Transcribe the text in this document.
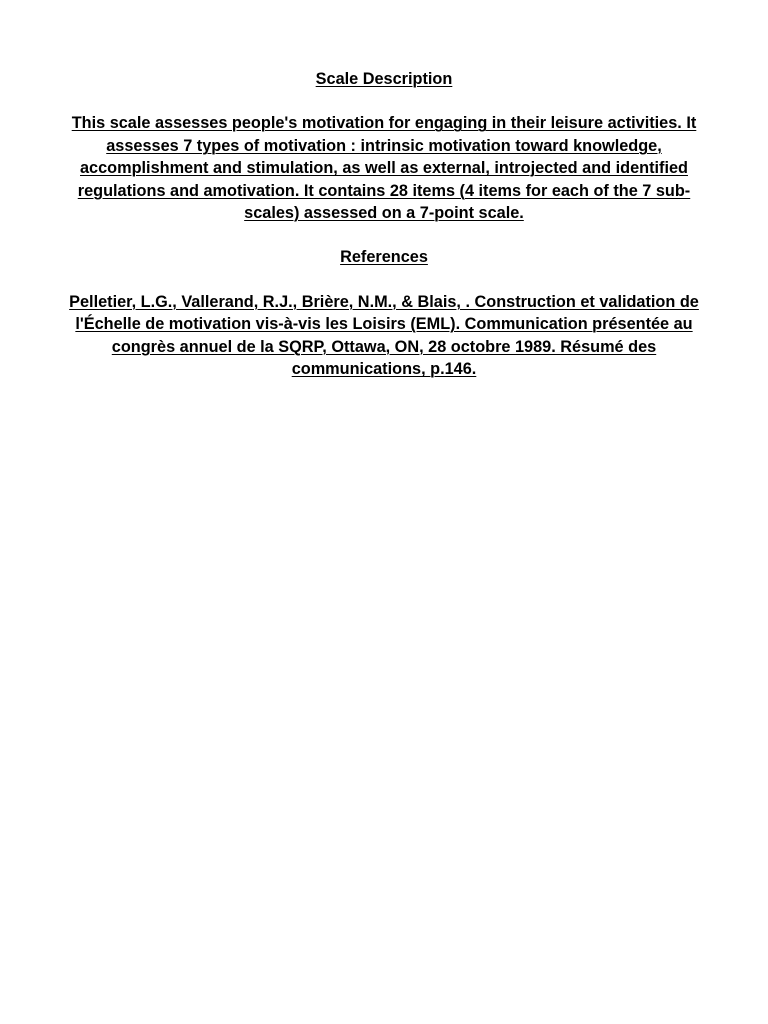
Scale Description

This scale assesses people's motivation for engaging in their leisure activities. It assesses 7 types of motivation : intrinsic motivation toward knowledge, accomplishment and stimulation, as well as external, introjected and identified regulations and amotivation. It contains 28 items (4 items for each of the 7 sub-scales) assessed on a 7-point scale.

References

Pelletier, L.G., Vallerand, R.J., Brière, N.M., & Blais, . Construction et validation de l'Échelle de motivation vis-à-vis les Loisirs (EML). Communication présentée au congrès annuel de la SQRP, Ottawa, ON, 28 octobre 1989. Résumé des communications, p.146.
